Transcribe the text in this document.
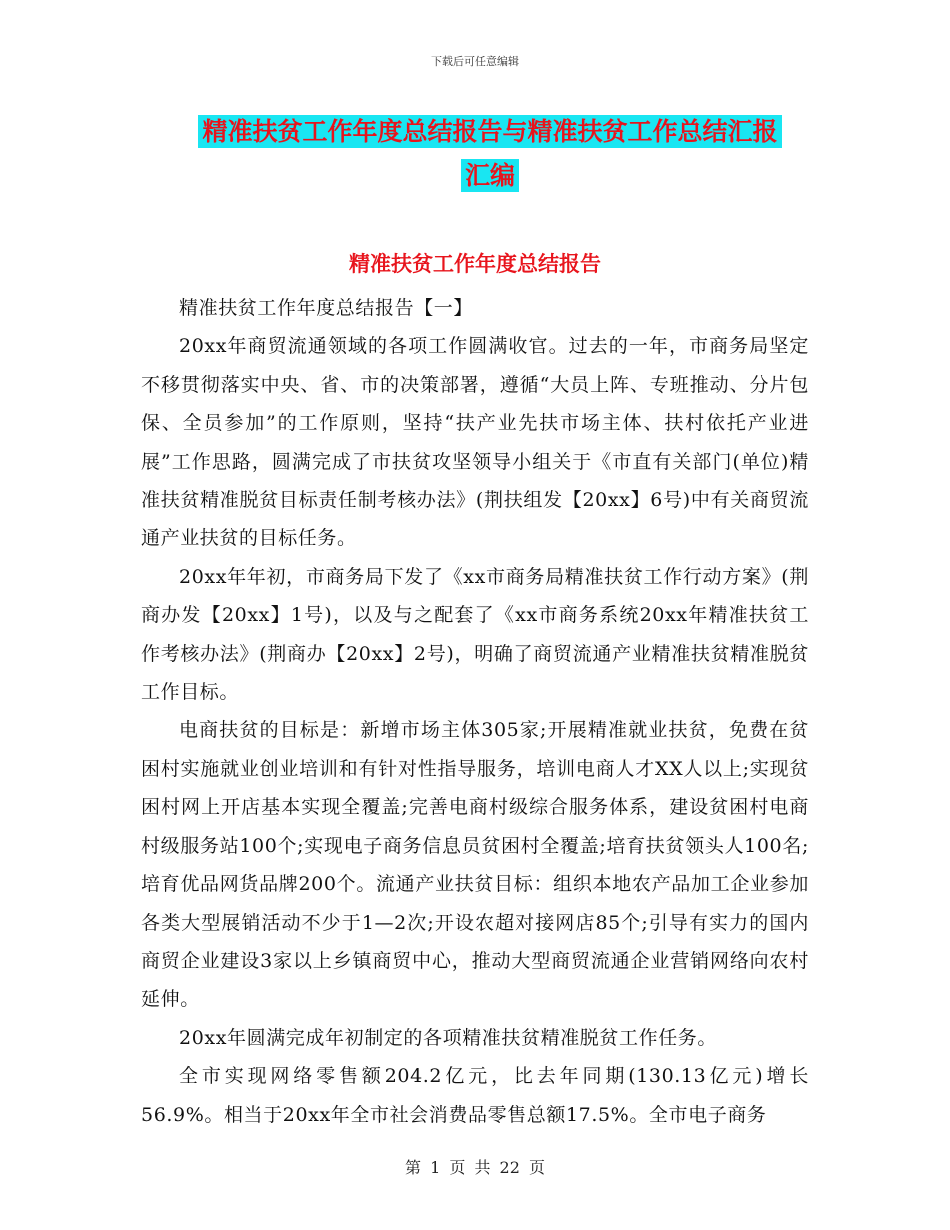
下载后可任意编辑
精准扶贫工作年度总结报告与精准扶贫工作总结汇报
汇编
精准扶贫工作年度总结报告

精准扶贫工作年度总结报告【一】

20xx年商贸流通领域的各项工作圆满收官。过去的一年，市商务局坚定不移贯彻落实中央、省、市的决策部署，遵循“大员上阵、专班推动、分片包保、全员参加”的工作原则，坚持“扶产业先扶市场主体、扶村依托产业进展”工作思路，圆满完成了市扶贫攻坚领导小组关于《市直有关部门(单位)精准扶贫精准脱贫目标责任制考核办法》(荆扶组发【20xx】6号)中有关商贸流通产业扶贫的目标任务。

20xx年年初，市商务局下发了《xx市商务局精准扶贫工作行动方案》(荆商办发【20xx】1号)，以及与之配套了《xx市商务系统20xx年精准扶贫工作考核办法》(荆商办【20xx】2号)，明确了商贸流通产业精准扶贫精准脱贫工作目标。

电商扶贫的目标是：新增市场主体305家;开展精准就业扶贫，免费在贫困村实施就业创业培训和有针对性指导服务，培训电商人才XX人以上;实现贫困村网上开店基本实现全覆盖;完善电商村级综合服务体系，建设贫困村电商村级服务站100个;实现电子商务信息员贫困村全覆盖;培育扶贫领头人100名;培育优品网货品牌200个。流通产业扶贫目标：组织本地农产品加工企业参加各类大型展销活动不少于1—2次;开设农超对接网店85个;引导有实力的国内商贸企业建设3家以上乡镇商贸中心，推动大型商贸流通企业营销网络向农村延伸。

20xx年圆满完成年初制定的各项精准扶贫精准脱贫工作任务。

全市实现网络零售额204.2亿元，比去年同期(130.13亿元)增长56.9%。相当于20xx年全市社会消费品零售总额17.5%。全市电子商务

第 1 页 共 22 页
